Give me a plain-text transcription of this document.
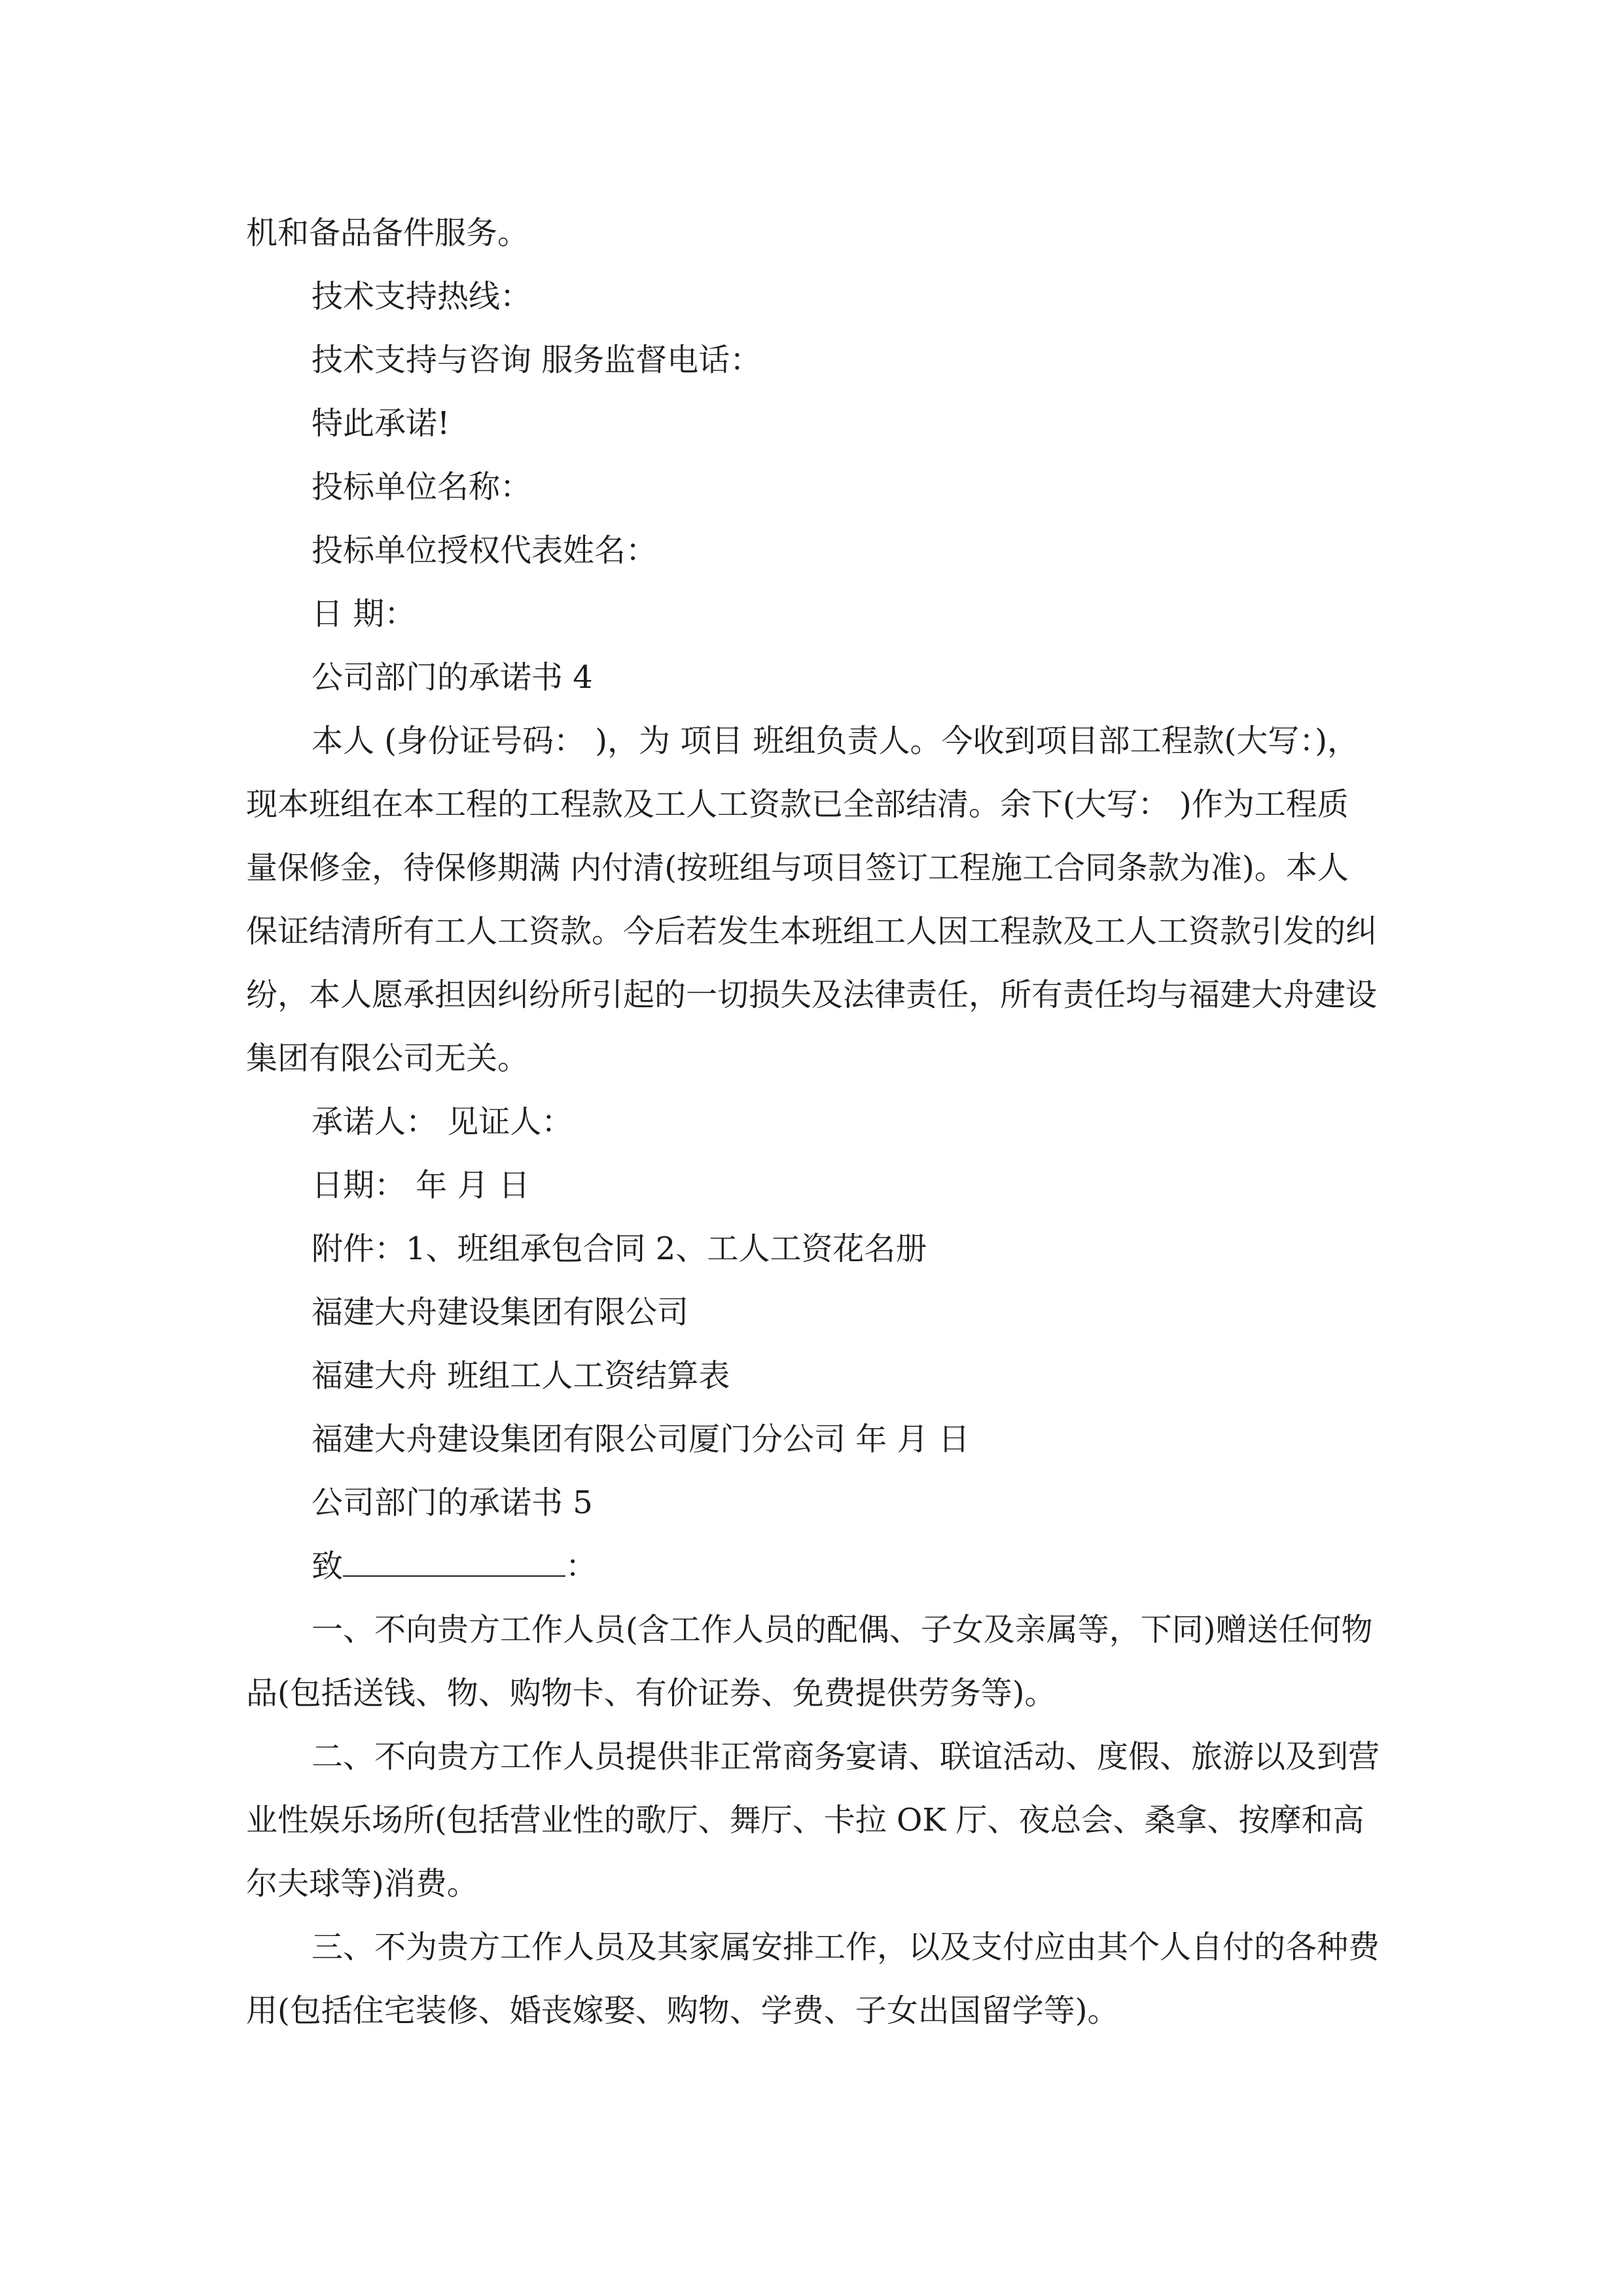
机和备品备件服务。

技术支持热线：

技术支持与咨询 服务监督电话：

特此承诺!

投标单位名称：

投标单位授权代表姓名：

日 期：

公司部门的承诺书 4

本人 (身份证号码： )，为 项目 班组负责人。今收到项目部工程款(大写：)，现本班组在本工程的工程款及工人工资款已全部结清。余下(大写： )作为工程质量保修金，待保修期满 内付清(按班组与项目签订工程施工合同条款为准)。本人保证结清所有工人工资款。今后若发生本班组工人因工程款及工人工资款引发的纠纷，本人愿承担因纠纷所引起的一切损失及法律责任，所有责任均与福建大舟建设集团有限公司无关。

承诺人： 见证人：

日期： 年 月 日

附件：1、班组承包合同 2、工人工资花名册

福建大舟建设集团有限公司

福建大舟 班组工人工资结算表

福建大舟建设集团有限公司厦门分公司 年 月 日

公司部门的承诺书 5

致	：

一、不向贵方工作人员(含工作人员的配偶、子女及亲属等，下同)赠送任何物品(包括送钱、物、购物卡、有价证券、免费提供劳务等)。

二、不向贵方工作人员提供非正常商务宴请、联谊活动、度假、旅游以及到营业性娱乐场所(包括营业性的歌厅、舞厅、卡拉 OK 厅、夜总会、桑拿、按摩和高尔夫球等)消费。

三、不为贵方工作人员及其家属安排工作，以及支付应由其个人自付的各种费用(包括住宅装修、婚丧嫁娶、购物、学费、子女出国留学等)。
